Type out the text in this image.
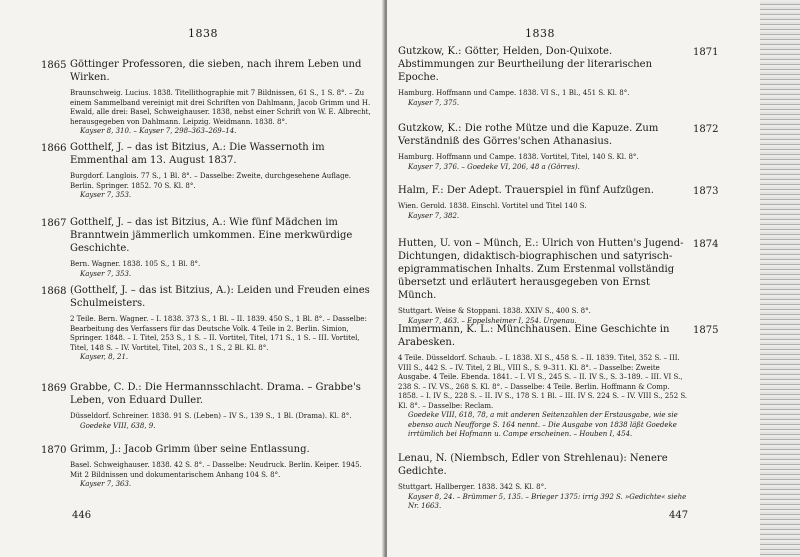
1838
1865 Göttinger Professoren, die sieben, nach ihrem Leben und Wirken.
Braunschweig. Lucius. 1838. Titellithographie mit 7 Bildnissen, 61 S., 1 S. 8°. – Zu einem Sammelband vereinigt mit drei Schriften von Dahlmann, Jacob Grimm und H. Ewald, alle drei: Basel, Schweighauser. 1838, nebst einer Schrift von W. E. Albrecht, herausgegeben von Dahlmann. Leipzig. Weidmann. 1838. 8°.
Kayser 8, 310. – Kayser 7, 298–363–269–14.
1866 Gotthelf, J. – das ist Bitzius, A.: Die Wassernoth im Emmenthal am 13. August 1837.
Burgdorf. Langlois. 77 S., 1 Bl. 8°. – Dasselbe: Zweite, durchgesehene Auflage. Berlin. Springer. 1852. 70 S. Kl. 8°.
Kayser 7, 353.
1867 Gotthelf, J. – das ist Bitzius, A.: Wie fünf Mädchen im Branntwein jämmerlich umkommen. Eine merkwürdige Geschichte.
Bern. Wagner. 1838. 105 S., 1 Bl. 8°.
Kayser 7, 353.
1868 (Gotthelf, J. – das ist Bitzius, A.): Leiden und Freuden eines Schulmeisters.
2 Teile. Bern. Wagner. – I. 1838. 373 S., 1 Bl. – II. 1839. 450 S., 1 Bl. 8°. – Dasselbe: Bearbeitung des Verfassers für das Deutsche Volk. 4 Teile in 2. Berlin. Simion, Springer. 1848. – I. Titel, 253 S., 1 S. – II. Vortitel, Titel, 171 S., 1 S. – III. Vortitel, Titel, 148 S. – IV. Vortitel, Titel, 203 S., 1 S., 2 Bl. Kl. 8°.
Kayser, 8, 21.
1869 Grabbe, C. D.: Die Hermannsschlacht. Drama. – Grabbe's Leben, von Eduard Duller.
Düsseldorf. Schreiner. 1838. 91 S. (Leben) – IV S., 139 S., 1 Bl. (Drama). Kl. 8°.
Goedeke VIII, 638, 9.
1870 Grimm, J.: Jacob Grimm über seine Entlassung.
Basel. Schweighauser. 1838. 42 S. 8°. – Dasselbe: Neudruck. Berlin. Keiper. 1945. Mit 2 Bildnissen und dokumentarischem Anhang 104 S. 8°.
Kayser 7, 363.
446
1838
Gutzkow, K.: Götter, Helden, Don-Quixote. Abstimmungen zur Beurtheilung der literarischen Epoche.
Hamburg. Hoffmann und Campe. 1838. VI S., 1 Bl., 451 S. Kl. 8°.
Kayser 7, 375.
1871
Gutzkow, K.: Die rothe Mütze und die Kapuze. Zum Verständniß des Görres'schen Athanasius.
Hamburg. Hoffmann und Campe. 1838. Vortitel, Titel, 140 S. Kl. 8°.
Kayser 7, 376. – Goedeke VI, 206, 48 a (Görres).
1872
Halm, F.: Der Adept. Trauerspiel in fünf Aufzügen.
Wien. Gerold. 1838. Einschl. Vortitel und Titel 140 S.
Kayser 7, 382.
1873
Hutten, U. von – Münch, E.: Ulrich von Hutten's Jugend-Dichtungen, didaktisch-biographischen und satyrisch-epigrammatischen Inhalts. Zum Erstenmal vollständig übersetzt und erläutert herausgegeben von Ernst Münch.
Stuttgart. Weise & Stoppani. 1838. XXIV S., 400 S. 8°.
Kayser 7, 463. – Eppelsheimer I, 254. Urgenau.
1874
Immermann, K. L.: Münchhausen. Eine Geschichte in Arabesken.
4 Teile. Düsseldorf. Schaub. – I. 1838. XI S., 458 S. – II. 1839. Titel, 352 S. – III. VIII S., 442 S. – IV. Titel, 2 Bl., VIII S., S. 9–311. Kl. 8°. – Dasselbe: Zweite Ausgabe. 4 Teile. Ebenda. 1841. – I. VI S., 245 S. – II. IV S., S. 3–189. – III. VI S., 238 S. – IV. VS., 268 S. Kl. 8°. – Dasselbe: 4 Teile. Berlin. Hoffmann & Comp. 1858. – I. IV S., 228 S. – II. IV S., 178 S. 1 Bl. – III. IV S. 224 S. – IV. VIII S., 252 S. Kl. 8°. – Dasselbe: Reclam.
Goedeke VIII, 618, 78, a mit anderen Seitenzahlen der Erstausgabe, wie sie ebenso auch Neufforge S. 164 nennt. – Die Ausgabe von 1838 läßt Goedeke irrtümlich bei Hofmann u. Campe erscheinen. – Houben I, 454.
1875
Lenau, N. (Niembsch, Edler von Strehlenau): Nenere Gedichte.
Stuttgart. Hallberger. 1838. 342 S. Kl. 8°.
Kayser 8, 24. – Brümmer 5, 135. – Brieger 1375: irrig 392 S. »Gedichte« siehe Nr. 1663.
447
